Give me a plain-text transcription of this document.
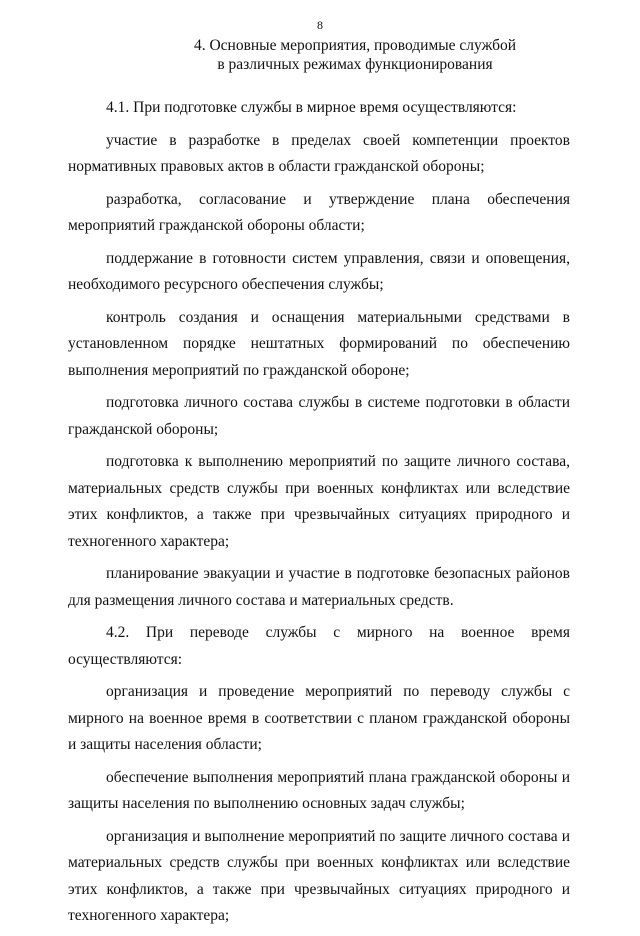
8
4. Основные мероприятия, проводимые службой
в различных режимах функционирования

4.1. При подготовке службы в мирное время осуществляются:

участие в разработке в пределах своей компетенции проектов нормативных правовых актов в области гражданской обороны;

разработка, согласование и утверждение плана обеспечения мероприятий гражданской обороны области;

поддержание в готовности систем управления, связи и оповещения, необходимого ресурсного обеспечения службы;

контроль создания и оснащения материальными средствами в установленном порядке нештатных формирований по обеспечению выполнения мероприятий по гражданской обороне;

подготовка личного состава службы в системе подготовки в области гражданской обороны;

подготовка к выполнению мероприятий по защите личного состава, материальных средств службы при военных конфликтах или вследствие этих конфликтов, а также при чрезвычайных ситуациях природного и техногенного характера;

планирование эвакуации и участие в подготовке безопасных районов для размещения личного состава и материальных средств.

4.2. При переводе службы с мирного на военное время осуществляются:

организация и проведение мероприятий по переводу службы с мирного на военное время в соответствии с планом гражданской обороны и защиты населения области;

обеспечение выполнения мероприятий плана гражданской обороны и защиты населения по выполнению основных задач службы;

организация и выполнение мероприятий по защите личного состава и материальных средств службы при военных конфликтах или вследствие этих конфликтов, а также при чрезвычайных ситуациях природного и техногенного характера;
